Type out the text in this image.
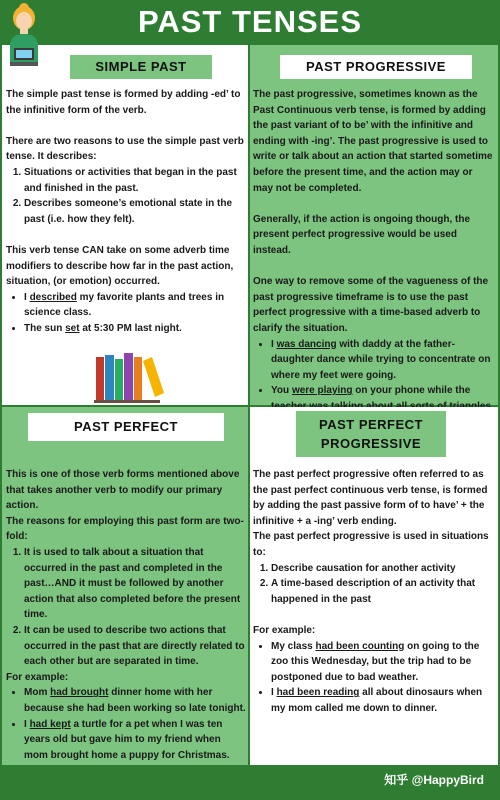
PAST TENSES
SIMPLE PAST

The simple past tense is formed by adding -ed’ to the infinitive form of the verb.

There are two reasons to use the simple past verb tense. It describes:

1. Situations or activities that began in the past and finished in the past.
2. Describes someone’s emotional state in the past (i.e. how they felt).

This verb tense CAN take on some adverb time modifiers to describe how far in the past action, situation, (or emotion) occurred.

• I described my favorite plants and trees in science class.
• The sun set at 5:30 PM last night.
PAST PROGRESSIVE

The past progressive, sometimes known as the Past Continuous verb tense, is formed by adding the past variant of to be’ with the infinitive and ending with -ing’. The past progressive is used to write or talk about an action that started sometime before the present time, and the action may or may not be completed.

Generally, if the action is ongoing though, the present perfect progressive would be used instead.

One way to remove some of the vagueness of the past progressive timeframe is to use the past perfect progressive with a time-based adverb to clarify the situation.

• I was dancing with daddy at the father-daughter dance while trying to concentrate on where my feet were going.
• You were playing on your phone while the
PAST PERFECT

This is one of those verb forms mentioned above that takes another verb to modify our primary action.

The reasons for employing this past form are two-fold:

1. It is used to talk about a situation that occurred in the past and completed in the past…AND it must be followed by another action that also completed before the present time.
2. It can be used to describe two actions that occurred in the past that are directly related to each other but are separated in time.

For example:

• Mom had brought dinner home with her because she had been working so late tonight.
• I had kept a turtle for a pet when I was ten years old but gave him to my friend when mom brought home a puppy for Christmas.
PAST PERFECT
PROGRESSIVE

The past perfect progressive often referred to as the past perfect continuous verb tense, is formed by adding the past passive form of to have’ + the infinitive + a -ing’ verb ending.

The past perfect progressive is used in situations to:

1. Describe causation for another activity
2. A time-based description of an activity that happened in the past

For example:

• My class had been counting on going to the zoo this Wednesday, but the trip had to be postponed due to bad weather.
• I had been reading all about dinosaurs when my mom called me down to dinner.
知乎 @HappyBird
